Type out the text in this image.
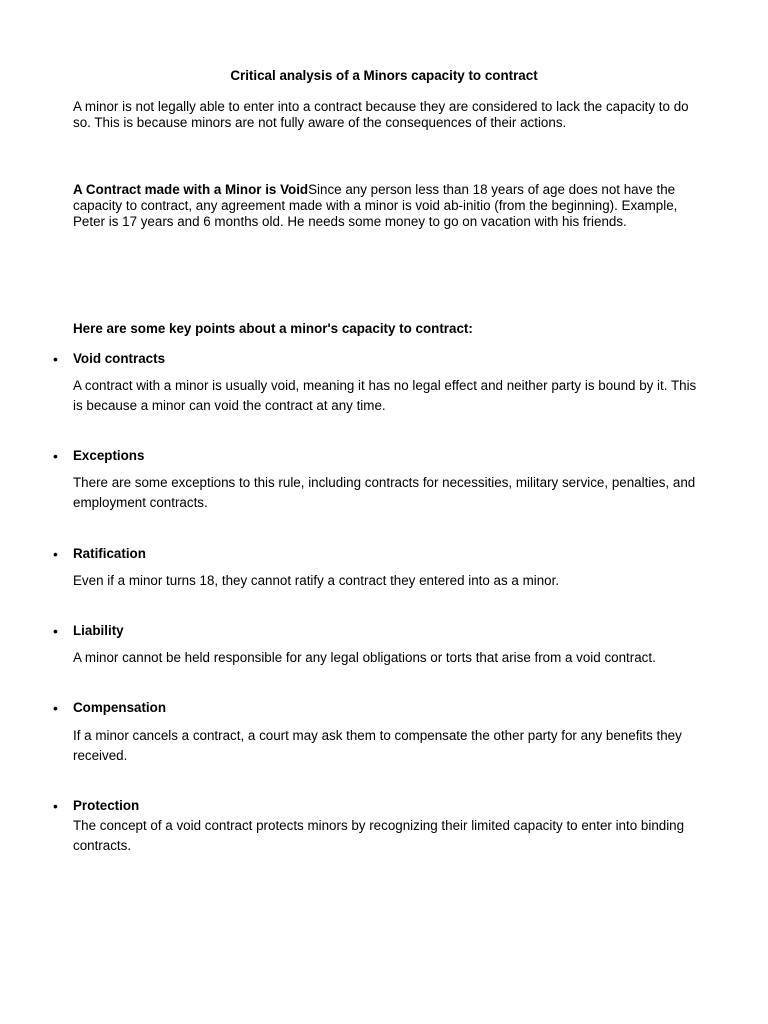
Critical analysis of a Minors capacity to contract

A minor is not legally able to enter into a contract because they are considered to lack the capacity to do so. This is because minors are not fully aware of the consequences of their actions.

A Contract made with a Minor is VoidSince any person less than 18 years of age does not have the capacity to contract, any agreement made with a minor is void ab-initio (from the beginning). Example, Peter is 17 years and 6 months old. He needs some money to go on vacation with his friends.

Here are some key points about a minor's capacity to contract:
• Void contracts

A contract with a minor is usually void, meaning it has no legal effect and neither party is bound by it. This is because a minor can void the contract at any time.

• Exceptions

There are some exceptions to this rule, including contracts for necessities, military service, penalties, and employment contracts.

• Ratification

Even if a minor turns 18, they cannot ratify a contract they entered into as a minor.

• Liability

A minor cannot be held responsible for any legal obligations or torts that arise from a void contract.

• Compensation

If a minor cancels a contract, a court may ask them to compensate the other party for any benefits they received.

• Protection

The concept of a void contract protects minors by recognizing their limited capacity to enter into binding contracts.
